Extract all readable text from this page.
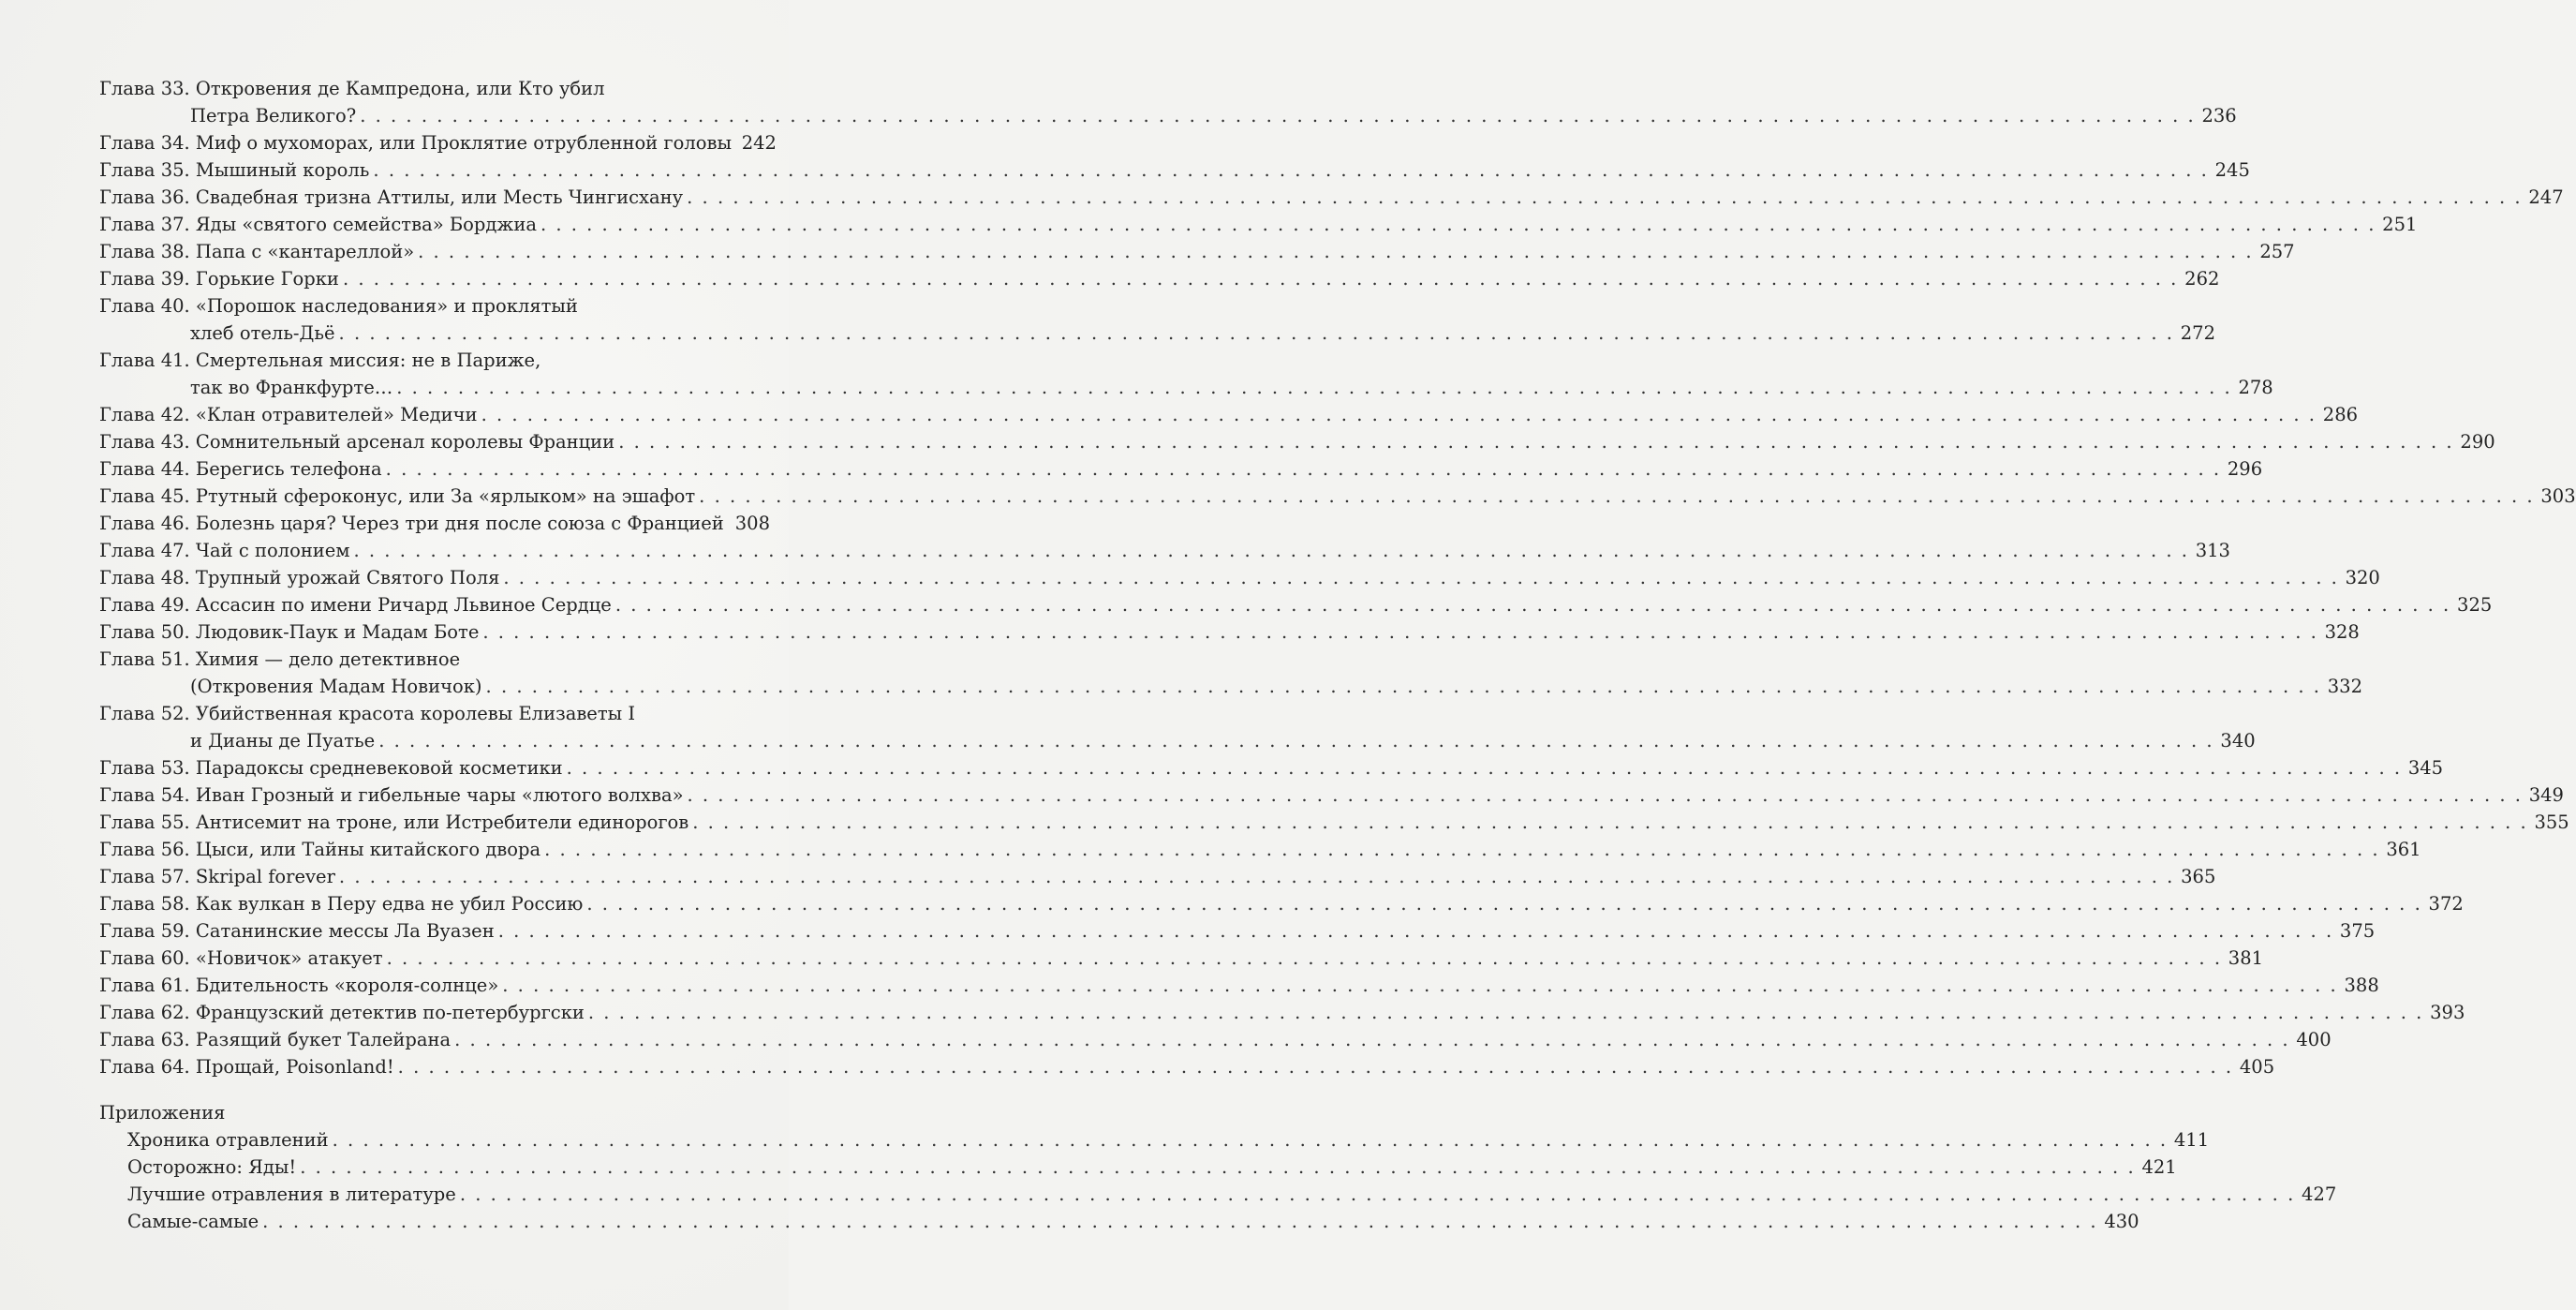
Глава 33. Откровения де Кампредона, или Кто убил
Петра Великого? . . . . . . . . . . . . . . . . . . . . . . . . . . . . . . . . . . . . . . . . . . . . . . . . . . . . . . . . . . . . . . . . . . . . . . . . . . . . . . . . . . . . . . . . . . . . . . . . . . . . . . . . . . . . . . . . . . . . . . . . 236
Глава 34. Миф о мухоморах, или Проклятие отрубленной головы 242
Глава 35. Мышиный король . . . . . . . . . . . . . . . . . . . . . . . . . . . . . . . . . . . . . . . . . . . . . . . . . . . . . . . . . . . . . . . . . . . . . . . . . . . . . . . . . . . . . . . . . . . . . . . . . . . . . . . . . . . . . . . . . . . . . . . . 245
Глава 36. Свадебная тризна Аттилы, или Месть Чингисхану . . . . . . . . . . . . . . . . . . . . . . . . . . . . . . . . . . . . . . . . . . . . . . . . . . . . . . . . . . . . . . . . . . . . . . . . . . . . . . . . . . . . . . . . . . . . . . . . . . . . . . . . . . . . . . . . . . . . . . . . 247
Глава 37. Яды «святого семейства» Борджиа . . . . . . . . . . . . . . . . . . . . . . . . . . . . . . . . . . . . . . . . . . . . . . . . . . . . . . . . . . . . . . . . . . . . . . . . . . . . . . . . . . . . . . . . . . . . . . . . . . . . . . . . . . . . . . . . . . . . . . . . 251
Глава 38. Папа с «кантареллой» . . . . . . . . . . . . . . . . . . . . . . . . . . . . . . . . . . . . . . . . . . . . . . . . . . . . . . . . . . . . . . . . . . . . . . . . . . . . . . . . . . . . . . . . . . . . . . . . . . . . . . . . . . . . . . . . . . . . . . . . 257
Глава 39. Горькие Горки . . . . . . . . . . . . . . . . . . . . . . . . . . . . . . . . . . . . . . . . . . . . . . . . . . . . . . . . . . . . . . . . . . . . . . . . . . . . . . . . . . . . . . . . . . . . . . . . . . . . . . . . . . . . . . . . . . . . . . . . 262
Глава 40. «Порошок наследования» и проклятый
хлеб отель-Дьё . . . . . . . . . . . . . . . . . . . . . . . . . . . . . . . . . . . . . . . . . . . . . . . . . . . . . . . . . . . . . . . . . . . . . . . . . . . . . . . . . . . . . . . . . . . . . . . . . . . . . . . . . . . . . . . . . . . . . . . . 272
Глава 41. Смертельная миссия: не в Париже,
так во Франкфурте… . . . . . . . . . . . . . . . . . . . . . . . . . . . . . . . . . . . . . . . . . . . . . . . . . . . . . . . . . . . . . . . . . . . . . . . . . . . . . . . . . . . . . . . . . . . . . . . . . . . . . . . . . . . . . . . . . . . . . . . . 278
Глава 42. «Клан отравителей» Медичи . . . . . . . . . . . . . . . . . . . . . . . . . . . . . . . . . . . . . . . . . . . . . . . . . . . . . . . . . . . . . . . . . . . . . . . . . . . . . . . . . . . . . . . . . . . . . . . . . . . . . . . . . . . . . . . . . . . . . . . . 286
Глава 43. Сомнительный арсенал королевы Франции . . . . . . . . . . . . . . . . . . . . . . . . . . . . . . . . . . . . . . . . . . . . . . . . . . . . . . . . . . . . . . . . . . . . . . . . . . . . . . . . . . . . . . . . . . . . . . . . . . . . . . . . . . . . . . . . . . . . . . . . 290
Глава 44. Берегись телефона . . . . . . . . . . . . . . . . . . . . . . . . . . . . . . . . . . . . . . . . . . . . . . . . . . . . . . . . . . . . . . . . . . . . . . . . . . . . . . . . . . . . . . . . . . . . . . . . . . . . . . . . . . . . . . . . . . . . . . . . 296
Глава 45. Ртутный сфероконус, или За «ярлыком» на эшафот . . . . . . . . . . . . . . . . . . . . . . . . . . . . . . . . . . . . . . . . . . . . . . . . . . . . . . . . . . . . . . . . . . . . . . . . . . . . . . . . . . . . . . . . . . . . . . . . . . . . . . . . . . . . . . . . . . . . . . . . 303
Глава 46. Болезнь царя? Через три дня после союза с Францией 308
Глава 47. Чай с полонием . . . . . . . . . . . . . . . . . . . . . . . . . . . . . . . . . . . . . . . . . . . . . . . . . . . . . . . . . . . . . . . . . . . . . . . . . . . . . . . . . . . . . . . . . . . . . . . . . . . . . . . . . . . . . . . . . . . . . . . . 313
Глава 48. Трупный урожай Святого Поля . . . . . . . . . . . . . . . . . . . . . . . . . . . . . . . . . . . . . . . . . . . . . . . . . . . . . . . . . . . . . . . . . . . . . . . . . . . . . . . . . . . . . . . . . . . . . . . . . . . . . . . . . . . . . . . . . . . . . . . . 320
Глава 49. Ассасин по имени Ричард Львиное Сердце . . . . . . . . . . . . . . . . . . . . . . . . . . . . . . . . . . . . . . . . . . . . . . . . . . . . . . . . . . . . . . . . . . . . . . . . . . . . . . . . . . . . . . . . . . . . . . . . . . . . . . . . . . . . . . . . . . . . . . . . 325
Глава 50. Людовик-Паук и Мадам Боте . . . . . . . . . . . . . . . . . . . . . . . . . . . . . . . . . . . . . . . . . . . . . . . . . . . . . . . . . . . . . . . . . . . . . . . . . . . . . . . . . . . . . . . . . . . . . . . . . . . . . . . . . . . . . . . . . . . . . . . . 328
Глава 51. Химия — дело детективное
(Откровения Мадам Новичок) . . . . . . . . . . . . . . . . . . . . . . . . . . . . . . . . . . . . . . . . . . . . . . . . . . . . . . . . . . . . . . . . . . . . . . . . . . . . . . . . . . . . . . . . . . . . . . . . . . . . . . . . . . . . . . . . . . . . . . . . 332
Глава 52. Убийственная красота королевы Елизаветы I
и Дианы де Пуатье . . . . . . . . . . . . . . . . . . . . . . . . . . . . . . . . . . . . . . . . . . . . . . . . . . . . . . . . . . . . . . . . . . . . . . . . . . . . . . . . . . . . . . . . . . . . . . . . . . . . . . . . . . . . . . . . . . . . . . . . 340
Глава 53. Парадоксы средневековой косметики . . . . . . . . . . . . . . . . . . . . . . . . . . . . . . . . . . . . . . . . . . . . . . . . . . . . . . . . . . . . . . . . . . . . . . . . . . . . . . . . . . . . . . . . . . . . . . . . . . . . . . . . . . . . . . . . . . . . . . . . 345
Глава 54. Иван Грозный и гибельные чары «лютого волхва» . . . . . . . . . . . . . . . . . . . . . . . . . . . . . . . . . . . . . . . . . . . . . . . . . . . . . . . . . . . . . . . . . . . . . . . . . . . . . . . . . . . . . . . . . . . . . . . . . . . . . . . . . . . . . . . . . . . . . . . . 349
Глава 55. Антисемит на троне, или Истребители единорогов . . . . . . . . . . . . . . . . . . . . . . . . . . . . . . . . . . . . . . . . . . . . . . . . . . . . . . . . . . . . . . . . . . . . . . . . . . . . . . . . . . . . . . . . . . . . . . . . . . . . . . . . . . . . . . . . . . . . . . . . 355
Глава 56. Цыси, или Тайны китайского двора . . . . . . . . . . . . . . . . . . . . . . . . . . . . . . . . . . . . . . . . . . . . . . . . . . . . . . . . . . . . . . . . . . . . . . . . . . . . . . . . . . . . . . . . . . . . . . . . . . . . . . . . . . . . . . . . . . . . . . . . 361
Глава 57. Skripal forever . . . . . . . . . . . . . . . . . . . . . . . . . . . . . . . . . . . . . . . . . . . . . . . . . . . . . . . . . . . . . . . . . . . . . . . . . . . . . . . . . . . . . . . . . . . . . . . . . . . . . . . . . . . . . . . . . . . . . . . . 365
Глава 58. Как вулкан в Перу едва не убил Россию . . . . . . . . . . . . . . . . . . . . . . . . . . . . . . . . . . . . . . . . . . . . . . . . . . . . . . . . . . . . . . . . . . . . . . . . . . . . . . . . . . . . . . . . . . . . . . . . . . . . . . . . . . . . . . . . . . . . . . . . 372
Глава 59. Сатанинские мессы Ла Вуазен . . . . . . . . . . . . . . . . . . . . . . . . . . . . . . . . . . . . . . . . . . . . . . . . . . . . . . . . . . . . . . . . . . . . . . . . . . . . . . . . . . . . . . . . . . . . . . . . . . . . . . . . . . . . . . . . . . . . . . . . 375
Глава 60. «Новичок» атакует . . . . . . . . . . . . . . . . . . . . . . . . . . . . . . . . . . . . . . . . . . . . . . . . . . . . . . . . . . . . . . . . . . . . . . . . . . . . . . . . . . . . . . . . . . . . . . . . . . . . . . . . . . . . . . . . . . . . . . . . 381
Глава 61. Бдительность «короля-солнце» . . . . . . . . . . . . . . . . . . . . . . . . . . . . . . . . . . . . . . . . . . . . . . . . . . . . . . . . . . . . . . . . . . . . . . . . . . . . . . . . . . . . . . . . . . . . . . . . . . . . . . . . . . . . . . . . . . . . . . . . 388
Глава 62. Французский детектив по-петербургски . . . . . . . . . . . . . . . . . . . . . . . . . . . . . . . . . . . . . . . . . . . . . . . . . . . . . . . . . . . . . . . . . . . . . . . . . . . . . . . . . . . . . . . . . . . . . . . . . . . . . . . . . . . . . . . . . . . . . . . . 393
Глава 63. Разящий букет Талейрана . . . . . . . . . . . . . . . . . . . . . . . . . . . . . . . . . . . . . . . . . . . . . . . . . . . . . . . . . . . . . . . . . . . . . . . . . . . . . . . . . . . . . . . . . . . . . . . . . . . . . . . . . . . . . . . . . . . . . . . . 400
Глава 64. Прощай, Poisonland! . . . . . . . . . . . . . . . . . . . . . . . . . . . . . . . . . . . . . . . . . . . . . . . . . . . . . . . . . . . . . . . . . . . . . . . . . . . . . . . . . . . . . . . . . . . . . . . . . . . . . . . . . . . . . . . . . . . . . . . . 405
Приложения
Хроника отравлений . . . . . . . . . . . . . . . . . . . . . . . . . . . . . . . . . . . . . . . . . . . . . . . . . . . . . . . . . . . . . . . . . . . . . . . . . . . . . . . . . . . . . . . . . . . . . . . . . . . . . . . . . . . . . . . . . . . . . . . . 411
Осторожно: Яды! . . . . . . . . . . . . . . . . . . . . . . . . . . . . . . . . . . . . . . . . . . . . . . . . . . . . . . . . . . . . . . . . . . . . . . . . . . . . . . . . . . . . . . . . . . . . . . . . . . . . . . . . . . . . . . . . . . . . . . . . 421
Лучшие отравления в литературе . . . . . . . . . . . . . . . . . . . . . . . . . . . . . . . . . . . . . . . . . . . . . . . . . . . . . . . . . . . . . . . . . . . . . . . . . . . . . . . . . . . . . . . . . . . . . . . . . . . . . . . . . . . . . . . . . . . . . . . . 427
Самые-самые . . . . . . . . . . . . . . . . . . . . . . . . . . . . . . . . . . . . . . . . . . . . . . . . . . . . . . . . . . . . . . . . . . . . . . . . . . . . . . . . . . . . . . . . . . . . . . . . . . . . . . . . . . . . . . . . . . . . . . . . 430
